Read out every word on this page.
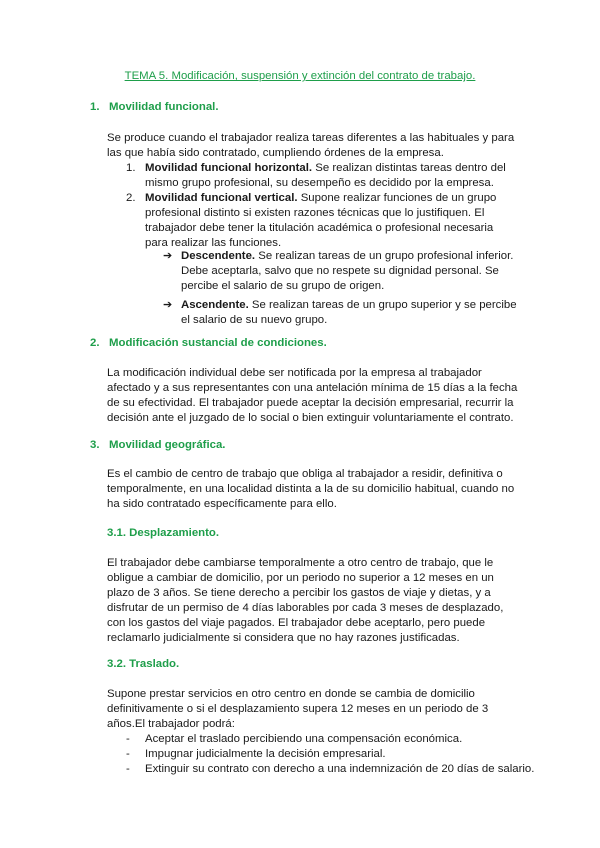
TEMA 5. Modificación, suspensión y extinción del contrato de trabajo.
1. Movilidad funcional.

Se produce cuando el trabajador realiza tareas diferentes a las habituales y para las que había sido contratado, cumpliendo órdenes de la empresa.

1. Movilidad funcional horizontal. Se realizan distintas tareas dentro del mismo grupo profesional, su desempeño es decidido por la empresa.

2. Movilidad funcional vertical. Supone realizar funciones de un grupo profesional distinto si existen razones técnicas que lo justifiquen. El trabajador debe tener la titulación académica o profesional necesaria para realizar las funciones.

➔ Descendente. Se realizan tareas de un grupo profesional inferior. Debe aceptarla, salvo que no respete su dignidad personal. Se percibe el salario de su grupo de origen.

➔ Ascendente. Se realizan tareas de un grupo superior y se percibe el salario de su nuevo grupo.

2. Modificación sustancial de condiciones.

La modificación individual debe ser notificada por la empresa al trabajador afectado y a sus representantes con una antelación mínima de 15 días a la fecha de su efectividad. El trabajador puede aceptar la decisión empresarial, recurrir la decisión ante el juzgado de lo social o bien extinguir voluntariamente el contrato.

3. Movilidad geográfica.

Es el cambio de centro de trabajo que obliga al trabajador a residir, definitiva o temporalmente, en una localidad distinta a la de su domicilio habitual, cuando no ha sido contratado específicamente para ello.

3.1. Desplazamiento.

El trabajador debe cambiarse temporalmente a otro centro de trabajo, que le obligue a cambiar de domicilio, por un periodo no superior a 12 meses en un plazo de 3 años. Se tiene derecho a percibir los gastos de viaje y dietas, y a disfrutar de un permiso de 4 días laborables por cada 3 meses de desplazado, con los gastos del viaje pagados. El trabajador debe aceptarlo, pero puede reclamarlo judicialmente si considera que no hay razones justificadas.

3.2. Traslado.

Supone prestar servicios en otro centro en donde se cambia de domicilio definitivamente o si el desplazamiento supera 12 meses en un periodo de 3 años.El trabajador podrá:

- Aceptar el traslado percibiendo una compensación económica.

- Impugnar judicialmente la decisión empresarial.

- Extinguir su contrato con derecho a una indemnización de 20 días de salario.
